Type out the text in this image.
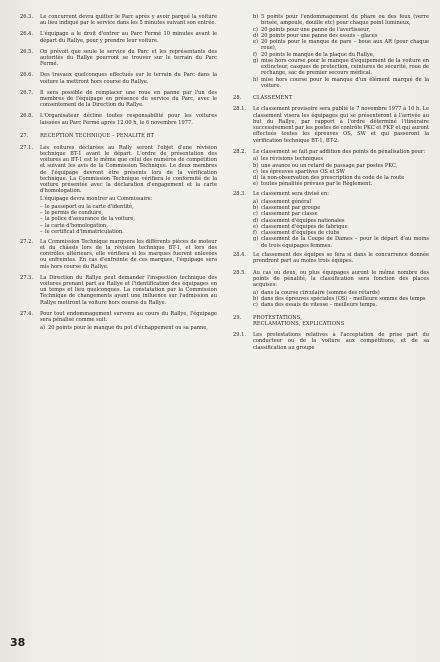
26.3.	Le concurrent devra quitter le Parc après y avoir parqué la voiture au lieu indiqué par le service dans les 5 minutes suivant son entrée.

26.4.	L'équipage a le droit d'entrer au Parc Fermé 10 minutes avant le départ du Rallye, pour y prendre leur voiture.

26.5.	On prévoit que seule le service du Parc et les représentants des autorités du Rallye pourront se trouver sur le terrain du Parc Fermé.

26.6.	Des travaux quelconques effectués sur le terrain du Parc dans la voiture la mettront hors course du Rallye.

26.7.	Il sera possible de remplacer une roue en panne par l'un des membres de l'équipage en présence du service du Parc, avec le consentement de la Direction du Rallye.

26.8.	L'Organisateur décline toutes responsabilité pour les voitures laissées au Parc Fermé après 12.00 h, le 6 novembre 1977.

27.	RECEPTION TECHNIQUE – PENALITE BT
27.1.	Les voitures déclarées au Rally seront l'objet d'une révision technique BT-1 avant le départ. L'ordre de présentation des voitures au BT-1 est le même que celui des numéros de compétition et suivant les avis de la Commission Technique. Le deux membres de l'équipage devront être présents lors de la vérification technique. La Commission Technique vérifiera le conformité de la voiture présentée avec la déclaration d'engagement et la carte d'homologation.

L'équipage devra montrer au Commissaire:

– le passeport ou la carte d'identité,
– le permis de conduire,
– la police d'assurance de la voiture,
– la carte d'homologation,
– le certificat d'immatriculation.
27.2.	La Commission Technique marquera les différents pièces de moteur et du châssis lors de la révision technique BT-1, et lors des contrôles ultérieurs, elle vérifiera si les marques fuerent enlevées ou enfreintes. En cas d'enfreinte de ces marques, l'équipage sera mis hors course du Rallye.

27.3.	La Direction du Rallye peut demander l'inspection technique des voitures prenant part au Rallye et l'identification des équipages en un temps et lieu quelconques. La constatation par la Commission Technique de changements ayant une influence sur l'admission au Rallye mettront la voiture hors course du Rallye.

27.4.	Pour tout endommagement survenu au cours du Rallye, l'équipage sera pénalisé comme suit:

a) 20 points pour le manque du pot d'échappement ou sa panne,
b) 5 points pour l'endommagement du phare ou des feux (verre brisée, ampoule, douille etc) pour chaque point lumineux,
c) 20 points pour une panne de l'avertisseur,
d) 20 points pour une panne des essuis – glaces
e) 20 points pour le manque de pare – boue aux AR (pour chaque roue),
f) 20 points le manque de la plaque du Rallye,
g) mise hors course pour le manque d'équipement de la voiture en extincteur, casques de protection, ceintures de sécurité, roue de rechange, sac de premier secours médical.
h) mise hors course pour le manque d'un élément marqué de la voiture.
28.	CLASSEMENT
28.1.	Le classement provisoire sera publié le 7 novembre 1977 à 10 h. Le classement visera les équipages qui se présenteront à l'arrivée au but du Rallye, par rapport à l'ordre déterminé l'itinéraire successivement par les postes de contrôle PKC et FKP et qui auront effectués toutes les épreuves OS, SW et qui passeront la vérification technique BT-1, BT-2.

28.2.	Le classement se fait par addition des points de pénalisation pour:

a) les révisions techniques
b) une avance ou un retard de passage par postes PKC,
c) les épreuves spartives OS et SW
d) la non-observation des prescription du code de la route
e) toutes pénalités prévues par le Règlement.
28.3.	Le classement sera divisé en:

a) classement général
b) classement par groupe
c) classement par classe
d) classement d'équipes nationales
e) classement d'équipes de fabrique
f) classement d'équipes de clubs
g) classement de la Coupe de Dames – pour le départ d'au moins de trois équipages femmes.
28.4.	Le classement des équipes se fera si dans le concurrence donnée prendront part au moins trois équipes.

28.5.	Au cas où deux, ou plus équipages auront le même nombre des points de pénalité, la classification sera fonction des places acquises:

a) dans la course circulaire (somme des rétards)
b) dans des épreuves spéciales (OS) – meilleure somme des temps
c) dans des essais de vitesse – meilleurs temps.
29.	PROTESTATIONS,
RECLAMATIONS, EXPLICATIONS
29.1.	Les protestations relatives à l'acceptation de prise part du conducteur ou de la voiture aux compétitions, et de sa classification au groupe

38
